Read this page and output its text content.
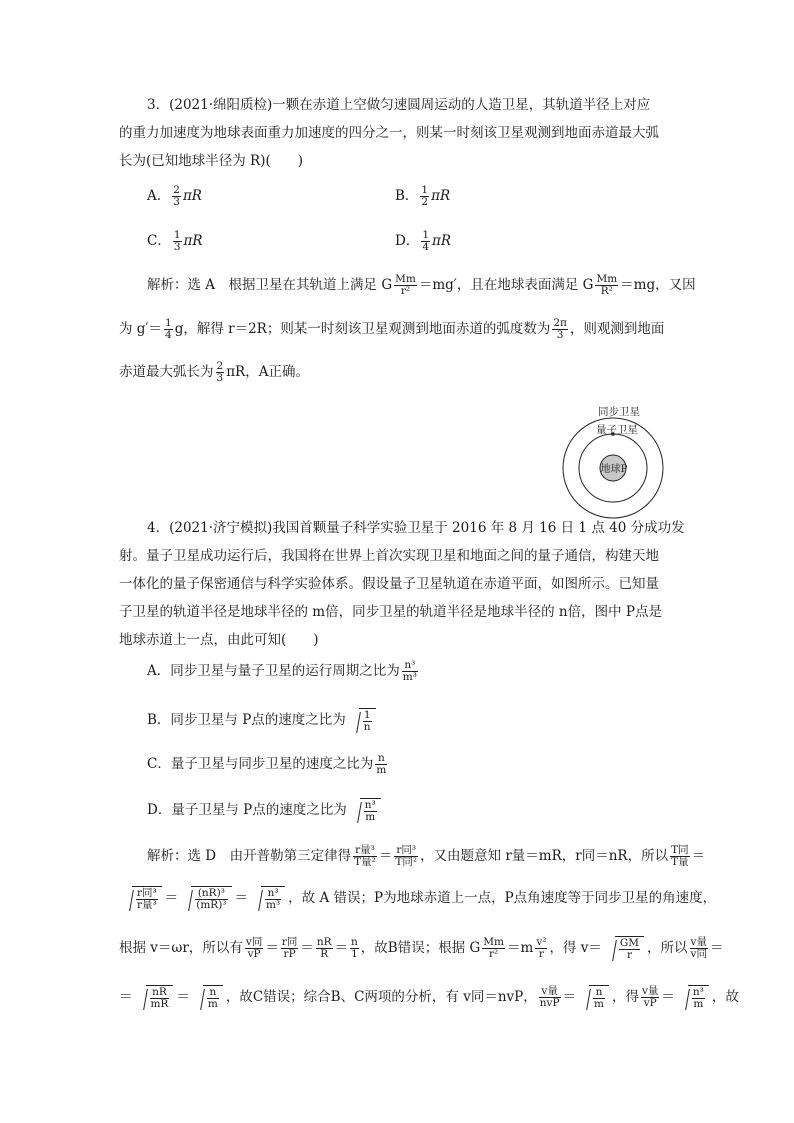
3．(2021·绵阳质检)一颗在赤道上空做匀速圆周运动的人造卫星，其轨道半径上对应
的重力加速度为地球表面重力加速度的四分之一，则某一时刻该卫星观测到地面赤道最大弧
长为(已知地球半径为 R)(　　)
A． $\frac{2}{3}$ πR	B． $\frac{1}{2}$ πR
C． $\frac{1}{3}$ πR	D． $\frac{1}{4}$ πR
解析：选 A　根据卫星在其轨道上满足 G $\frac{Mm}{\text{r²}} =mg'$，且在地球表面满足 G $\frac{Mm}{\text{R²}} =mg$，又因
为 $g'= \frac{1}{4}$ g，解得 r＝2R；则某一时刻该卫星观测到地面赤道的弧度数为 $\frac{2\pi}{3}$ ，则观测到地面
赤道最大弧长为 $\frac{2}{3}$ πR，A正确。
同步卫星
量子卫星
地球P
4．(2021·济宁模拟)我国首颗量子科学实验卫星于 2016 年 8 月 16 日 1 点 40 分成功发
射。量子卫星成功运行后，我国将在世界上首次实现卫星和地面之间的量子通信，构建天地
一体化的量子保密通信与科学实验体系。假设量子卫星轨道在赤道平面，如图所示。已知量
子卫星的轨道半径是地球半径的 m倍，同步卫星的轨道半径是地球半径的 n倍，图中 P点是
地球赤道上一点，由此可知(　　)
A．同步卫星与量子卫星的运行周期之比为 $\frac{\text{n³}}{\text{m³}}$
B．同步卫星与 P点的速度之比为 $\frac{1}{n}$
C．量子卫星与同步卫星的速度之比为 $\frac{n}{m}$
D．量子卫星与 P点的速度之比为 $\frac{\text{n³}}{m}$
解析：选 D　由开普勒第三定律得 $\frac{\text{r量³}}{\text{T量²}} = \frac{\text{r同³}}{\text{T同²}}$ ，又由题意知 r量＝mR，r同＝nR，所以 $\frac{\text{T同}}{\text{T量}}$ ＝
$\frac{\text{r同³}}{\text{r量³}} = \frac{\text{(nR)³}}{\text{(mR)³}} = \frac{\text{n³}}{\text{m³}}$ ，故 A 错误；P为地球赤道上一点，P点角速度等于同步卫星的角速度，
根据 v＝ωr，所以有 $\frac{\text{v同}}{vP} = \frac{\text{r同}}{rP} = \frac{nR}{R} = \frac{n}{1}$ ，故B错误；根据 G $\frac{Mm}{\text{r²}} =m \frac{\text{v²}}{r}$ ，得 $v= \frac{GM}{r}$ ，所以 $\frac{\text{v量}}{\text{v同}}$ ＝
＝ $\frac{nR}{mR} = \frac{n}{m}$ ，故C错误；综合B、C两项的分析，有 v同＝nvP， $\frac{\text{v量}}{\text{nvP}} = \frac{n}{m}$ ，得 $\frac{\text{v量}}{vP} = \frac{\text{n³}}{m}$ ，故
